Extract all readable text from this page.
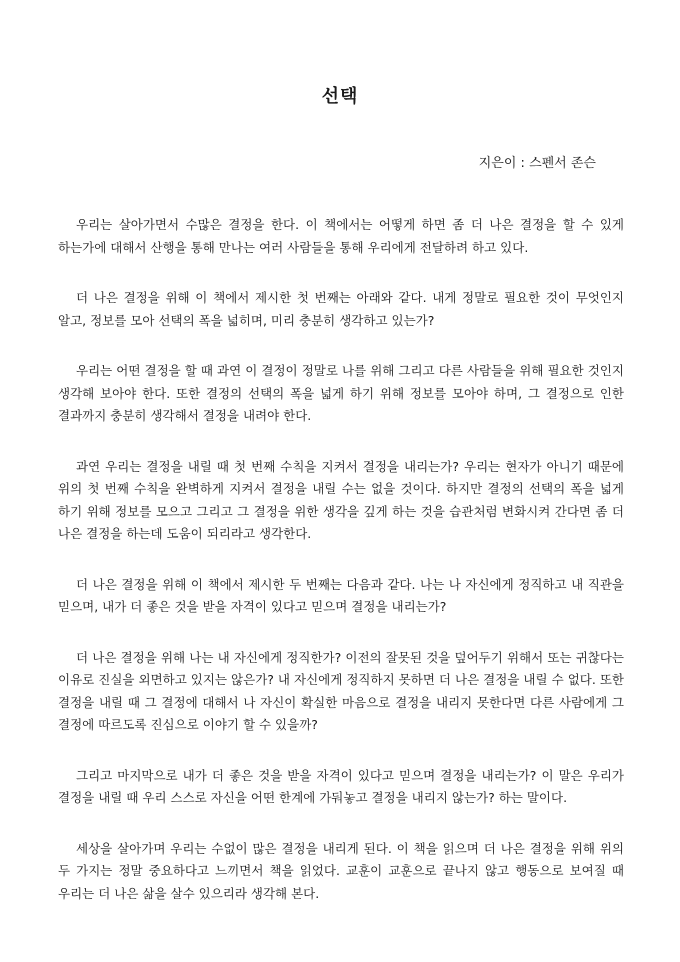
선택
지은이 : 스펜서 존슨

우리는 살아가면서 수많은 결정을 한다. 이 책에서는 어떻게 하면 좀 더 나은 결정을 할 수 있게 하는가에 대해서 산행을 통해 만나는 여러 사람들을 통해 우리에게 전달하려 하고 있다.

더 나은 결정을 위해 이 책에서 제시한 첫 번째는 아래와 같다. 내게 정말로 필요한 것이 무엇인지 알고, 정보를 모아 선택의 폭을 넓히며, 미리 충분히 생각하고 있는가?

우리는 어떤 결정을 할 때 과연 이 결정이 정말로 나를 위해 그리고 다른 사람들을 위해 필요한 것인지 생각해 보아야 한다. 또한 결정의 선택의 폭을 넓게 하기 위해 정보를 모아야 하며, 그 결정으로 인한 결과까지 충분히 생각해서 결정을 내려야 한다.

과연 우리는 결정을 내릴 때 첫 번째 수칙을 지켜서 결정을 내리는가? 우리는 현자가 아니기 때문에 위의 첫 번째 수칙을 완벽하게 지켜서 결정을 내릴 수는 없을 것이다. 하지만 결정의 선택의 폭을 넓게 하기 위해 정보를 모으고 그리고 그 결정을 위한 생각을 깊게 하는 것을 습관처럼 변화시켜 간다면 좀 더 나은 결정을 하는데 도움이 되리라고 생각한다.

더 나은 결정을 위해 이 책에서 제시한 두 번째는 다음과 같다. 나는 나 자신에게 정직하고 내 직관을 믿으며, 내가 더 좋은 것을 받을 자격이 있다고 믿으며 결정을 내리는가?

더 나은 결정을 위해 나는 내 자신에게 정직한가? 이전의 잘못된 것을 덮어두기 위해서 또는 귀찮다는 이유로 진실을 외면하고 있지는 않은가? 내 자신에게 정직하지 못하면 더 나은 결정을 내릴 수 없다. 또한 결정을 내릴 때 그 결정에 대해서 나 자신이 확실한 마음으로 결정을 내리지 못한다면 다른 사람에게 그 결정에 따르도록 진심으로 이야기 할 수 있을까?

그리고 마지막으로 내가 더 좋은 것을 받을 자격이 있다고 믿으며 결정을 내리는가? 이 말은 우리가 결정을 내릴 때 우리 스스로 자신을 어떤 한계에 가둬놓고 결정을 내리지 않는가? 하는 말이다.

세상을 살아가며 우리는 수없이 많은 결정을 내리게 된다. 이 책을 읽으며 더 나은 결정을 위해 위의 두 가지는 정말 중요하다고 느끼면서 책을 읽었다. 교훈이 교훈으로 끝나지 않고 행동으로 보여질 때 우리는 더 나은 삶을 살수 있으리라 생각해 본다.
